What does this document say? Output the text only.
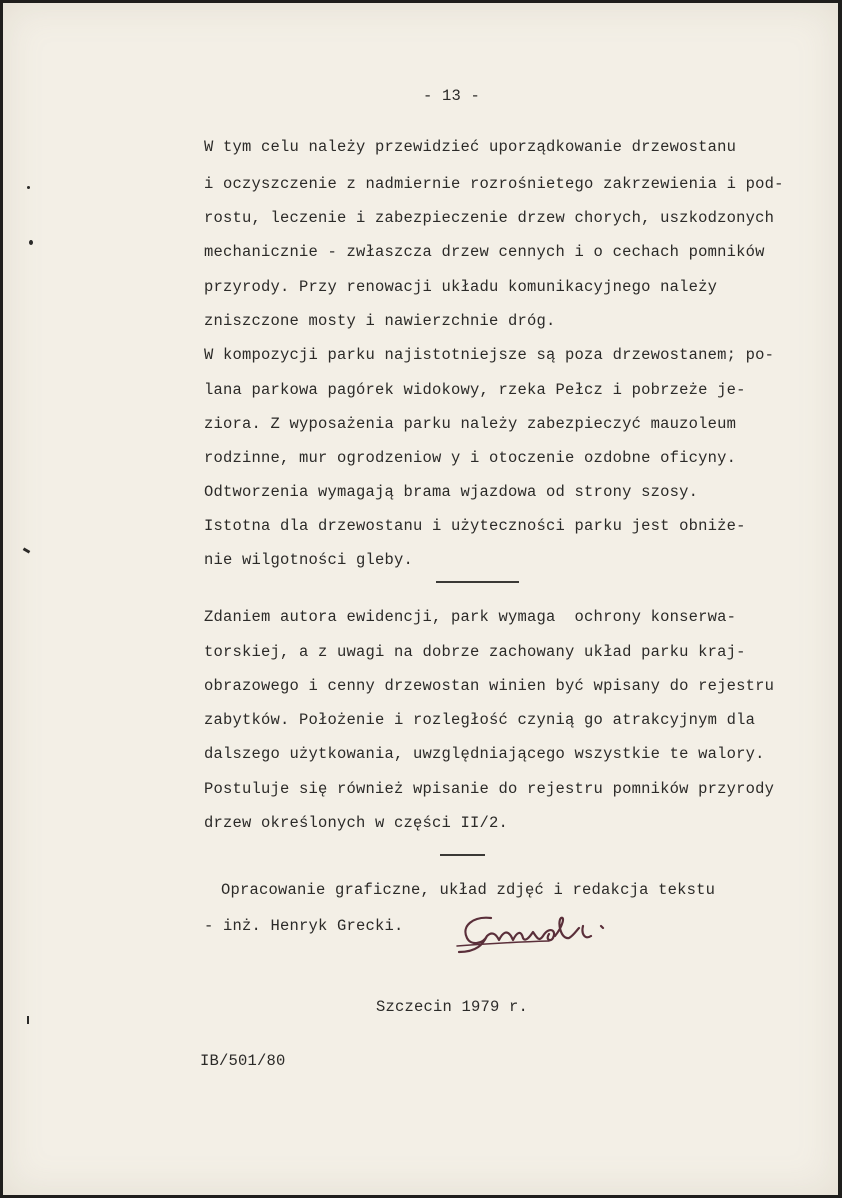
- 13 -
W tym celu należy przewidzieć uporządkowanie drzewostanu
i oczyszczenie z nadmiernie rozrośnietego zakrzewienia i pod-
rostu, leczenie i zabezpieczenie drzew chorych, uszkodzonych
mechanicznie - zwłaszcza drzew cennych i o cechach pomników
przyrody. Przy renowacji układu komunikacyjnego należy
zniszczone mosty i nawierzchnie dróg.
W kompozycji parku najistotniejsze są poza drzewostanem; po-
lana parkowa pagórek widokowy, rzeka Pełcz i pobrzeże je-
ziora. Z wyposażenia parku należy zabezpieczyć mauzoleum
rodzinne, mur ogrodzeniow y i otoczenie ozdobne oficyny.
Odtworzenia wymagają brama wjazdowa od strony szosy.
Istotna dla drzewostanu i użyteczności parku jest obniże-
nie wilgotności gleby.
Zdaniem autora ewidencji, park wymaga  ochrony konserwa-
torskiej, a z uwagi na dobrze zachowany układ parku kraj-
obrazowego i cenny drzewostan winien być wpisany do rejestru
zabytków. Położenie i rozległość czynią go atrakcyjnym dla
dalszego użytkowania, uwzględniającego wszystkie te walory.
Postuluje się również wpisanie do rejestru pomników przyrody
drzew określonych w części II/2.
Opracowanie graficzne, układ zdjęć i redakcja tekstu
- inż. Henryk Grecki.
Szczecin 1979 r.
IB/501/80
